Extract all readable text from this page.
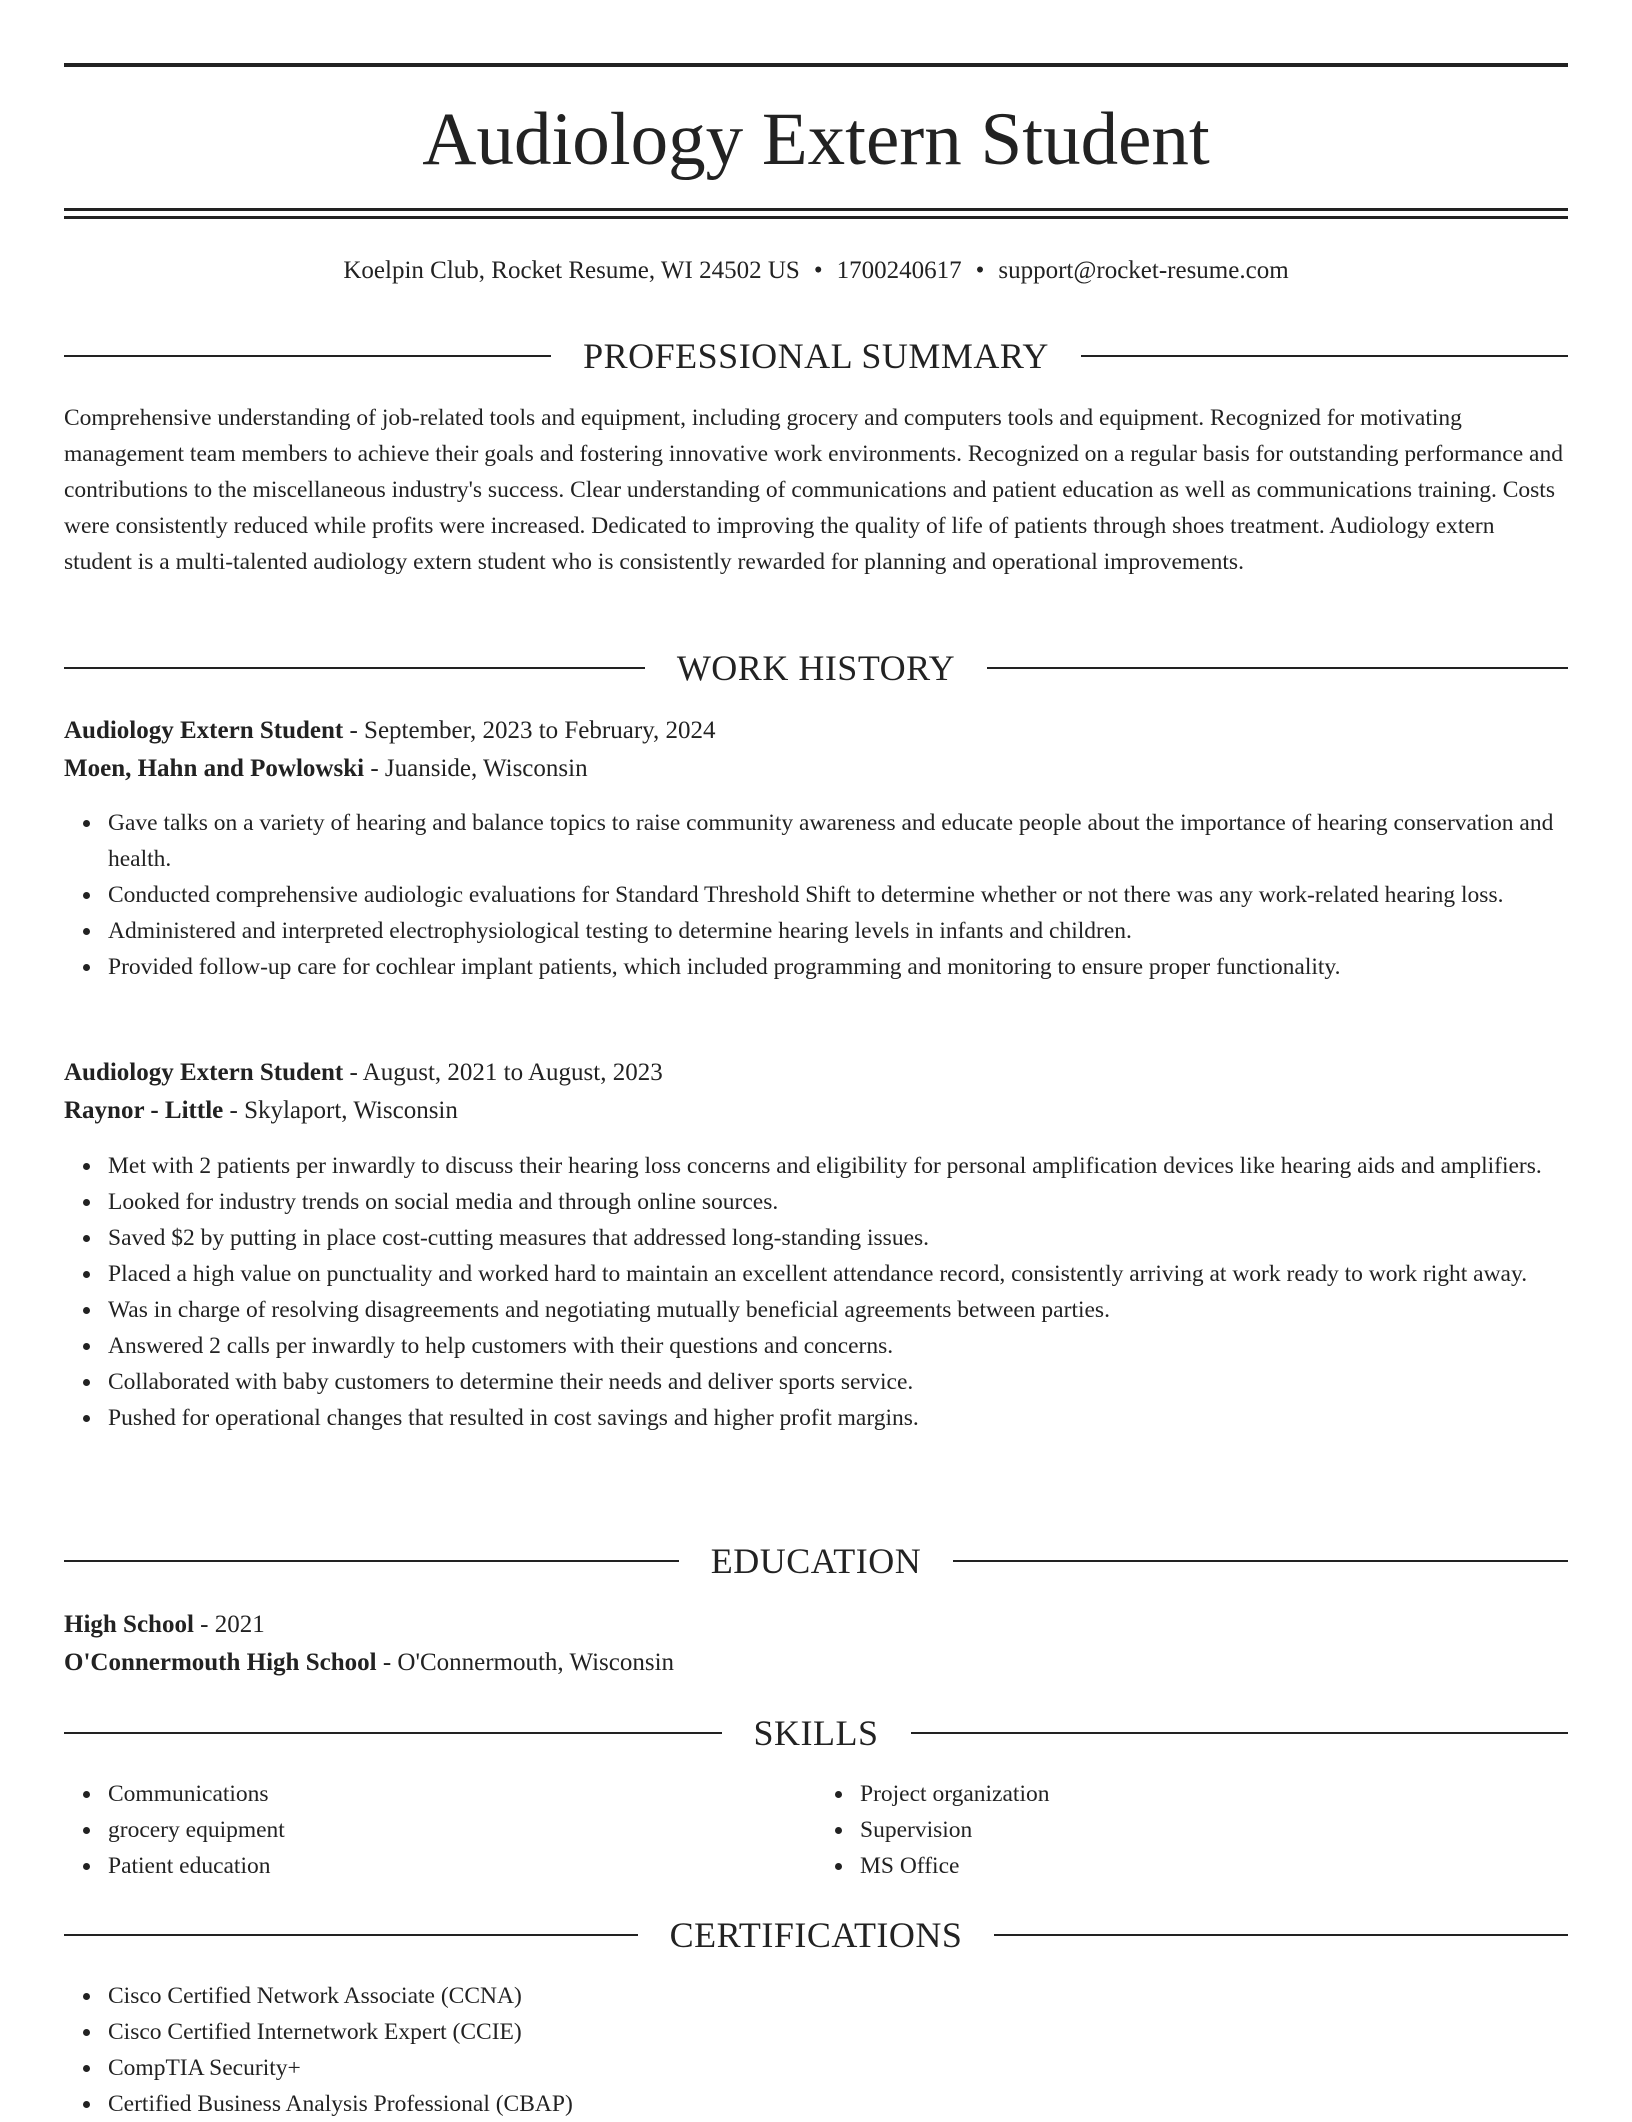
Audiology Extern Student
Koelpin Club, Rocket Resume, WI 24502 US • 1700240617 • support@rocket-resume.com
PROFESSIONAL SUMMARY
Comprehensive understanding of job-related tools and equipment, including grocery and computers tools and equipment. Recognized for motivating management team members to achieve their goals and fostering innovative work environments. Recognized on a regular basis for outstanding performance and contributions to the miscellaneous industry's success. Clear understanding of communications and patient education as well as communications training. Costs were consistently reduced while profits were increased. Dedicated to improving the quality of life of patients through shoes treatment. Audiology extern student is a multi-talented audiology extern student who is consistently rewarded for planning and operational improvements.
WORK HISTORY
Audiology Extern Student - September, 2023 to February, 2024
Moen, Hahn and Powlowski - Juanside, Wisconsin
Gave talks on a variety of hearing and balance topics to raise community awareness and educate people about the importance of hearing conservation and health.
Conducted comprehensive audiologic evaluations for Standard Threshold Shift to determine whether or not there was any work-related hearing loss.
Administered and interpreted electrophysiological testing to determine hearing levels in infants and children.
Provided follow-up care for cochlear implant patients, which included programming and monitoring to ensure proper functionality.
Audiology Extern Student - August, 2021 to August, 2023
Raynor - Little - Skylaport, Wisconsin
Met with 2 patients per inwardly to discuss their hearing loss concerns and eligibility for personal amplification devices like hearing aids and amplifiers.
Looked for industry trends on social media and through online sources.
Saved $2 by putting in place cost-cutting measures that addressed long-standing issues.
Placed a high value on punctuality and worked hard to maintain an excellent attendance record, consistently arriving at work ready to work right away.
Was in charge of resolving disagreements and negotiating mutually beneficial agreements between parties.
Answered 2 calls per inwardly to help customers with their questions and concerns.
Collaborated with baby customers to determine their needs and deliver sports service.
Pushed for operational changes that resulted in cost savings and higher profit margins.
EDUCATION
High School - 2021
O'Connermouth High School - O'Connermouth, Wisconsin
SKILLS
Communications
grocery equipment
Patient education
Project organization
Supervision
MS Office
CERTIFICATIONS
Cisco Certified Network Associate (CCNA)
Cisco Certified Internetwork Expert (CCIE)
CompTIA Security+
Certified Business Analysis Professional (CBAP)
